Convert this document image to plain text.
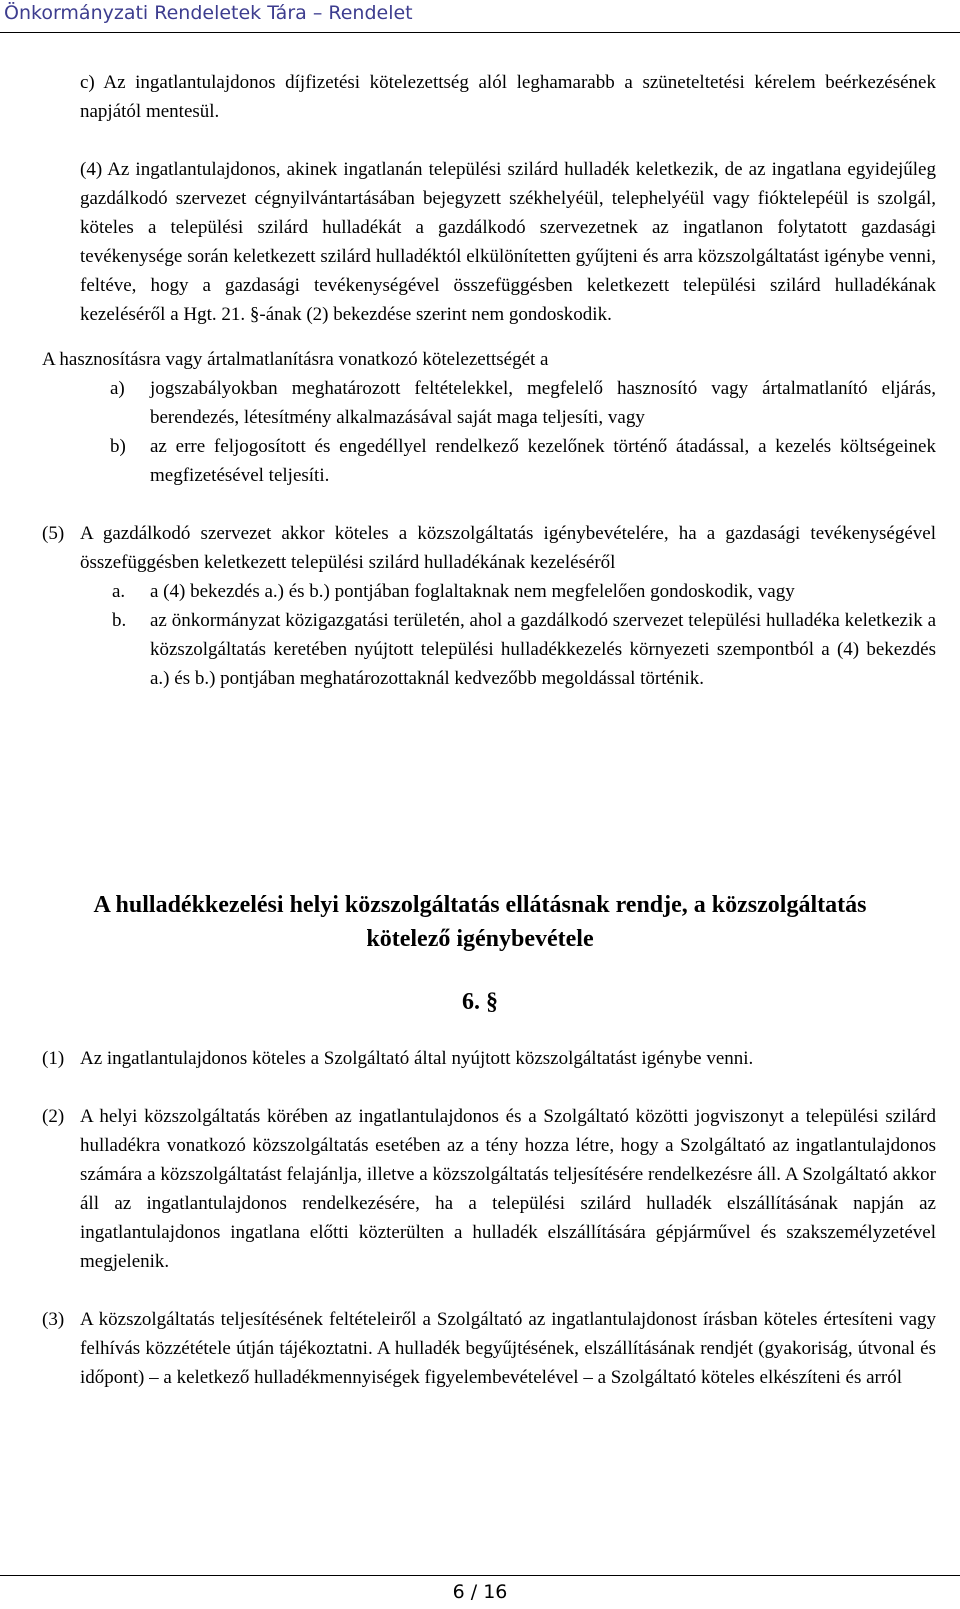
Önkormányzati Rendeletek Tára – Rendelet

c) Az ingatlantulajdonos díjfizetési kötelezettség alól leghamarabb a szüneteltetési kérelem beérkezésének napjától mentesül.

(4) Az ingatlantulajdonos, akinek ingatlanán települési szilárd hulladék keletkezik, de az ingatlana egyidejűleg gazdálkodó szervezet cégnyilvántartásában bejegyzett székhelyéül, telephelyéül vagy fióktelepéül is szolgál, köteles a települési szilárd hulladékát a gazdálkodó szervezetnek az ingatlanon folytatott gazdasági tevékenysége során keletkezett szilárd hulladéktól elkülönítetten gyűjteni és arra közszolgáltatást igénybe venni, feltéve, hogy a gazdasági tevékenységével összefüggésben keletkezett települési szilárd hulladékának kezeléséről a Hgt. 21. §-ának (2) bekezdése szerint nem gondoskodik.

A hasznosításra vagy ártalmatlanításra vonatkozó kötelezettségét a

a)	jogszabályokban meghatározott feltételekkel, megfelelő hasznosító vagy ártalmatlanító eljárás, berendezés, létesítmény alkalmazásával saját maga teljesíti, vagy
b)	az erre feljogosított és engedéllyel rendelkező kezelőnek történő átadással, a kezelés költségeinek megfizetésével teljesíti.
(5) A gazdálkodó szervezet akkor köteles a közszolgáltatás igénybevételére, ha a gazdasági tevékenységével összefüggésben keletkezett települési szilárd hulladékának kezeléséről
a.	a (4) bekezdés a.) és b.) pontjában foglaltaknak nem megfelelően gondoskodik, vagy
b.	az önkormányzat közigazgatási területén, ahol a gazdálkodó szervezet települési hulladéka keletkezik a közszolgáltatás keretében nyújtott települési hulladékkezelés környezeti szempontból a (4) bekezdés a.) és b.) pontjában meghatározottaknál kedvezőbb megoldással történik.
A hulladékkezelési helyi közszolgáltatás ellátásnak rendje, a közszolgáltatás
kötelező igénybevétele
6. §
(1) Az ingatlantulajdonos köteles a Szolgáltató által nyújtott közszolgáltatást igénybe venni.
(2) A helyi közszolgáltatás körében az ingatlantulajdonos és a Szolgáltató közötti jogviszonyt a települési szilárd hulladékra vonatkozó közszolgáltatás esetében az a tény hozza létre, hogy a Szolgáltató az ingatlantulajdonos számára a közszolgáltatást felajánlja, illetve a közszolgáltatás teljesítésére rendelkezésre áll. A Szolgáltató akkor áll az ingatlantulajdonos rendelkezésére, ha a települési szilárd hulladék elszállításának napján az ingatlantulajdonos ingatlana előtti közterülten a hulladék elszállítására gépjárművel és szakszemélyzetével megjelenik.
(3) A közszolgáltatás teljesítésének feltételeiről a Szolgáltató az ingatlantulajdonost írásban köteles értesíteni vagy felhívás közzététele útján tájékoztatni. A hulladék begyűjtésének, elszállításának rendjét (gyakoriság, útvonal és időpont) – a keletkező hulladékmennyiségek figyelembevételével – a Szolgáltató köteles elkészíteni és arról
6 / 16
